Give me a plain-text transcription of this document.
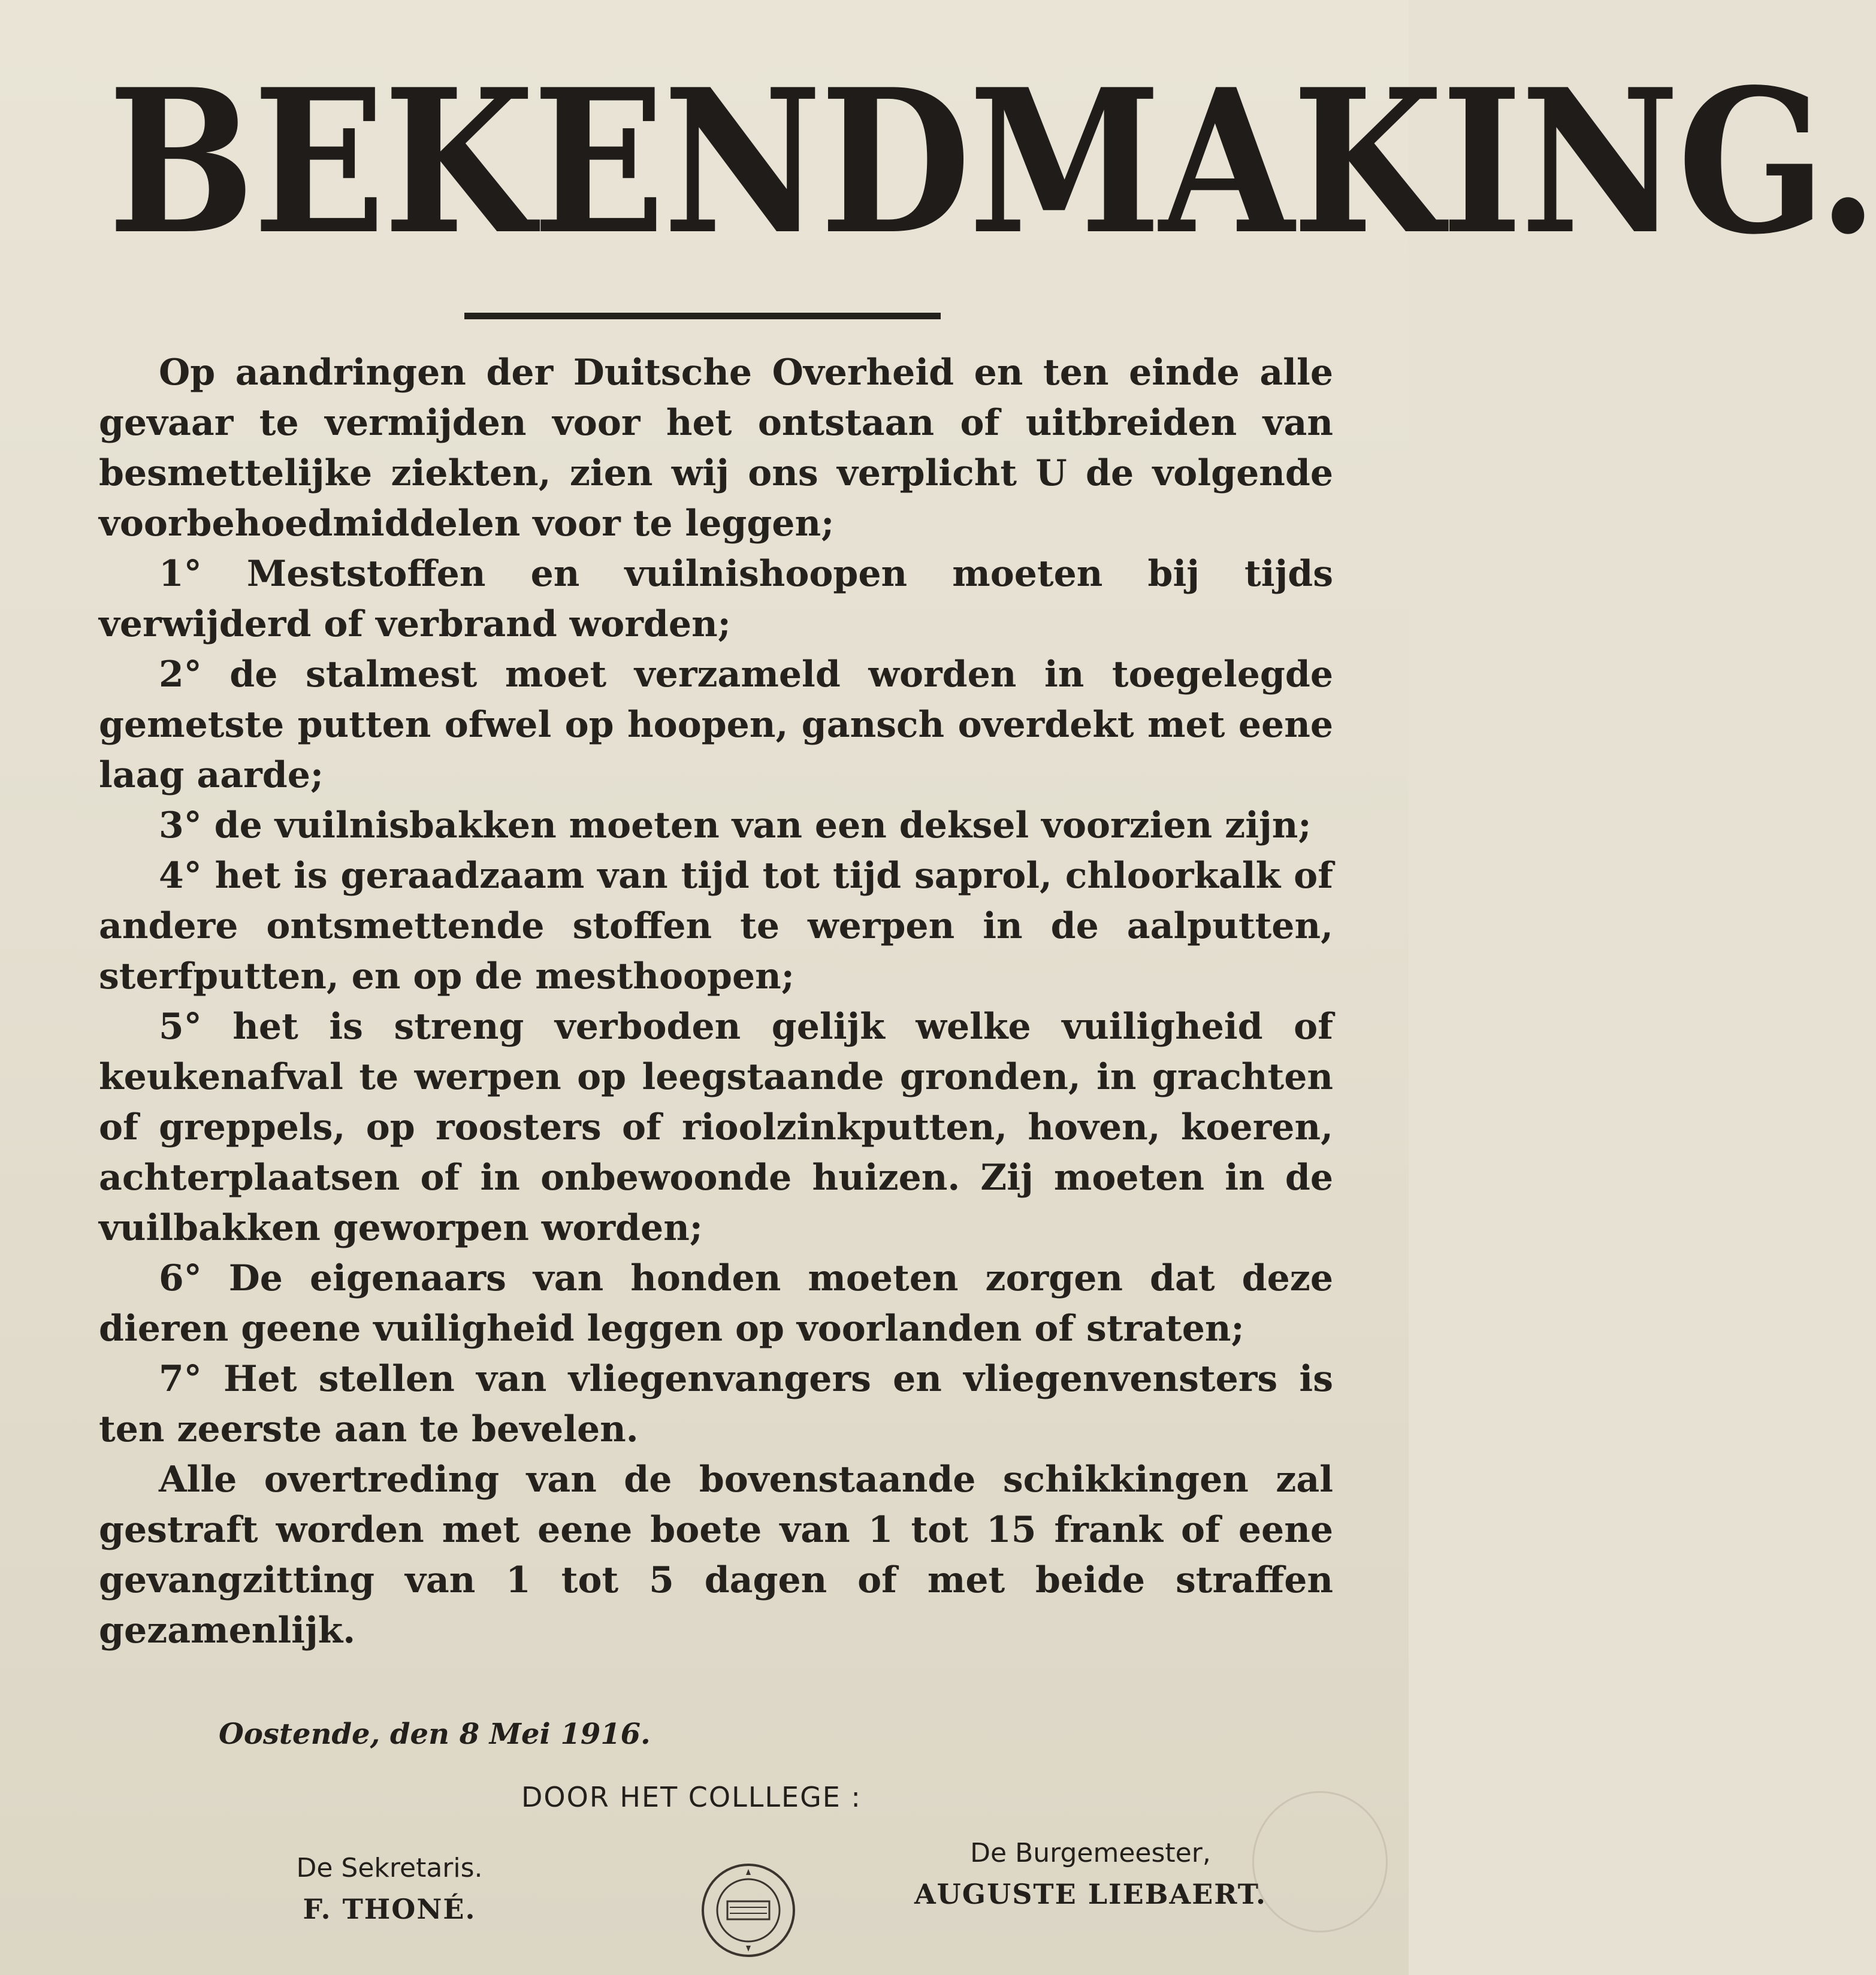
BEKENDMAKING.

Op aandringen der Duitsche Overheid en ten einde alle gevaar te vermijden voor het ontstaan of uitbreiden van besmettelijke ziekten, zien wij ons verplicht U de volgende voorbehoedmiddelen voor te leggen;

1° Meststoffen en vuilnishoopen moeten bij tijds verwijderd of verbrand worden;

2° de stalmest moet verzameld worden in toegelegde gemetste putten ofwel op hoopen, gansch overdekt met eene laag aarde;

3° de vuilnisbakken moeten van een deksel voorzien zijn;

4° het is geraadzaam van tijd tot tijd saprol, chloorkalk of andere ontsmettende stoffen te werpen in de aalputten, sterfputten, en op de mesthoopen;

5° het is streng verboden gelijk welke vuiligheid of keukenafval te werpen op leegstaande gronden, in grachten of greppels, op roosters of rioolzinkputten, hoven, koeren, achterplaatsen of in onbewoonde huizen. Zij moeten in de vuilbakken geworpen worden;

6° De eigenaars van honden moeten zorgen dat deze dieren geene vuiligheid leggen op voorlanden of straten;

7° Het stellen van vliegenvangers en vliegenvensters is ten zeerste aan te bevelen.

Alle overtreding van de bovenstaande schikkingen zal gestraft worden met eene boete van 1 tot 15 frank of eene gevangzitting van 1 tot 5 dagen of met beide straffen gezamenlijk.

Oostende, den 8 Mei 1916.
DOOR HET COLLLEGE :
De Sekretaris.
F. THONÉ.
De Burgemeester,
AUGUSTE LIEBAERT.
